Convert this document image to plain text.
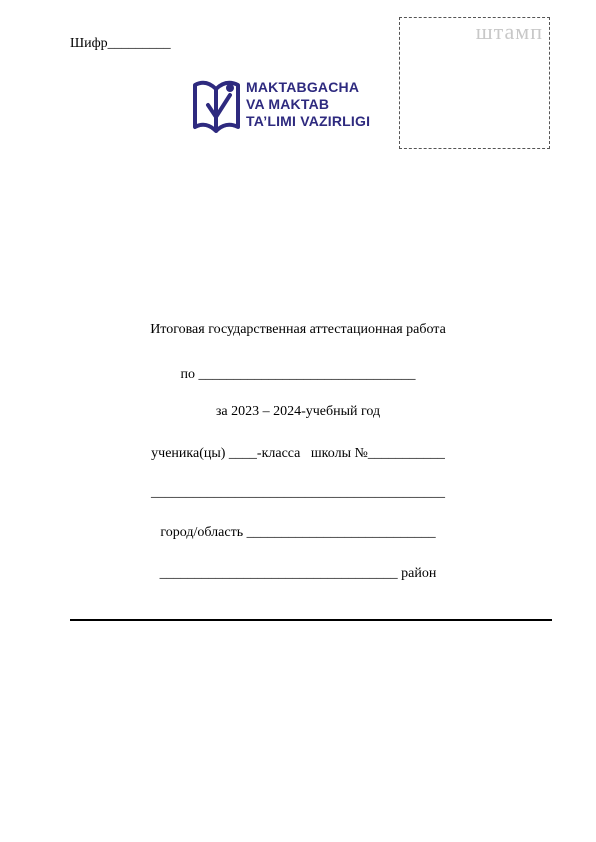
Шифр_________	штамп
MAKTABGACHA
VA MAKTAB
TA’LIMI VAZIRLIGI
Итоговая государственная аттестационная работа
по _______________________________
за 2023 – 2024-учебный год
ученика(цы) ____-класса   школы №___________
__________________________________________
город/область ___________________________
__________________________________ район
